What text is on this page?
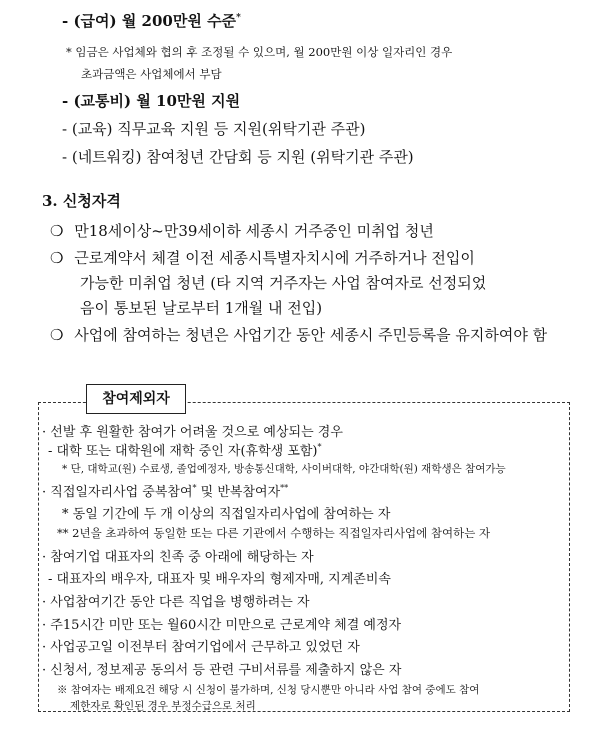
- (급여) 월 200만원 수준*
* 임금은 사업체와 협의 후 조정될 수 있으며, 월 200만원 이상 일자리인 경우
초과금액은 사업체에서 부담
- (교통비) 월 10만원 지원
- (교육) 직무교육 지원 등 지원(위탁기관 주관)
- (네트워킹) 참여청년 간담회 등 지원 (위탁기관 주관)
3. 신청자격
❍ 만18세이상~만39세이하 세종시 거주중인 미취업 청년
❍ 근로계약서 체결 이전 세종시특별자치시에 거주하거나 전입이
가능한 미취업 청년 (타 지역 거주자는 사업 참여자로 선정되었
음이 통보된 날로부터 1개월 내 전입)
❍ 사업에 참여하는 청년은 사업기간 동안 세종시 주민등록을 유지하여야 함
참여제외자
· 선발 후 원활한 참여가 어려울 것으로 예상되는 경우
- 대학 또는 대학원에 재학 중인 자(휴학생 포함)*
* 단, 대학교(원) 수료생, 졸업예정자, 방송통신대학, 사이버대학, 야간대학(원) 재학생은 참여가능
· 직접일자리사업 중복참여* 및 반복참여자**
* 동일 기간에 두 개 이상의 직접일자리사업에 참여하는 자
** 2년을 초과하여 동일한 또는 다른 기관에서 수행하는 직접일자리사업에 참여하는 자
· 참여기업 대표자의 친족 중 아래에 해당하는 자
- 대표자의 배우자, 대표자 및 배우자의 형제자매, 지계존비속
· 사업참여기간 동안 다른 직업을 병행하려는 자
· 주15시간 미만 또는 월60시간 미만으로 근로계약 체결 예정자
· 사업공고일 이전부터 참여기업에서 근무하고 있었던 자
· 신청서, 정보제공 동의서 등 관련 구비서류를 제출하지 않은 자
※ 참여자는 배제요건 해당 시 신청이 불가하며, 신청 당시뿐만 아니라 사업 참여 중에도 참여
제한자로 확인된 경우 부정수급으로 처리
